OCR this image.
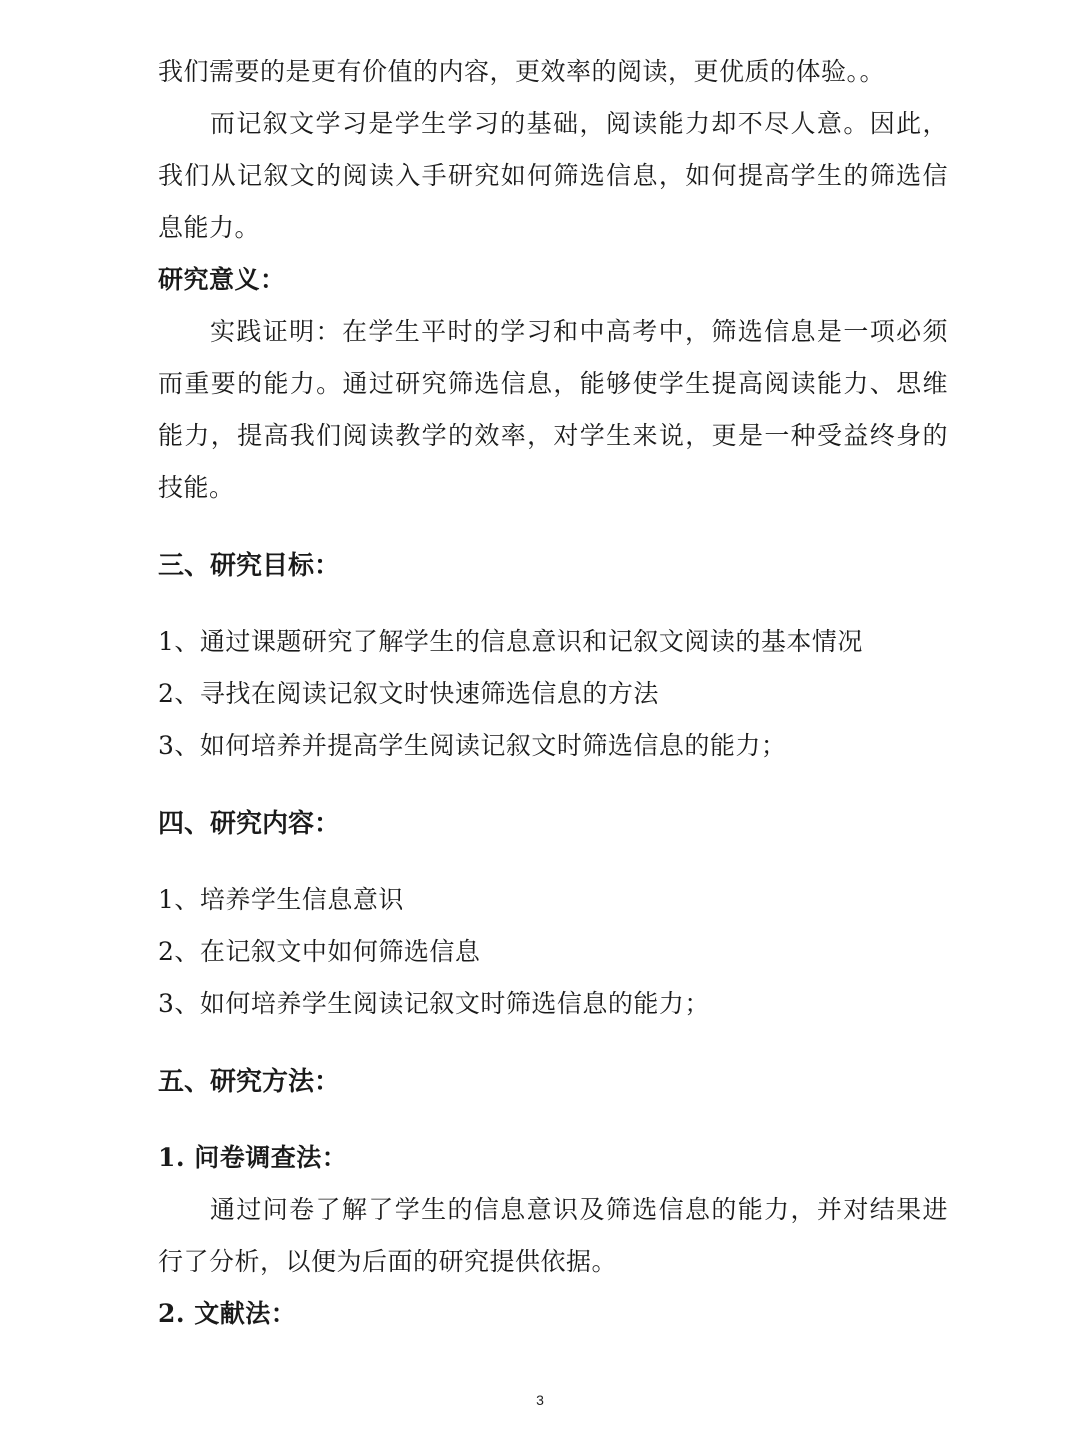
我们需要的是更有价值的内容，更效率的阅读，更优质的体验。。
而记叙文学习是学生学习的基础，阅读能力却不尽人意。因此，
我们从记叙文的阅读入手研究如何筛选信息，如何提高学生的筛选信
息能力。
研究意义：
实践证明：在学生平时的学习和中高考中，筛选信息是一项必须
而重要的能力。通过研究筛选信息，能够使学生提高阅读能力、思维
能力，提高我们阅读教学的效率，对学生来说，更是一种受益终身的
技能。
三、研究目标：
1、通过课题研究了解学生的信息意识和记叙文阅读的基本情况
2、寻找在阅读记叙文时快速筛选信息的方法
3、如何培养并提高学生阅读记叙文时筛选信息的能力；
四、研究内容：
1、培养学生信息意识
2、在记叙文中如何筛选信息
3、如何培养学生阅读记叙文时筛选信息的能力；
五、研究方法：
1. 问卷调查法：
通过问卷了解了学生的信息意识及筛选信息的能力，并对结果进
行了分析，以便为后面的研究提供依据。
2. 文献法：
3
